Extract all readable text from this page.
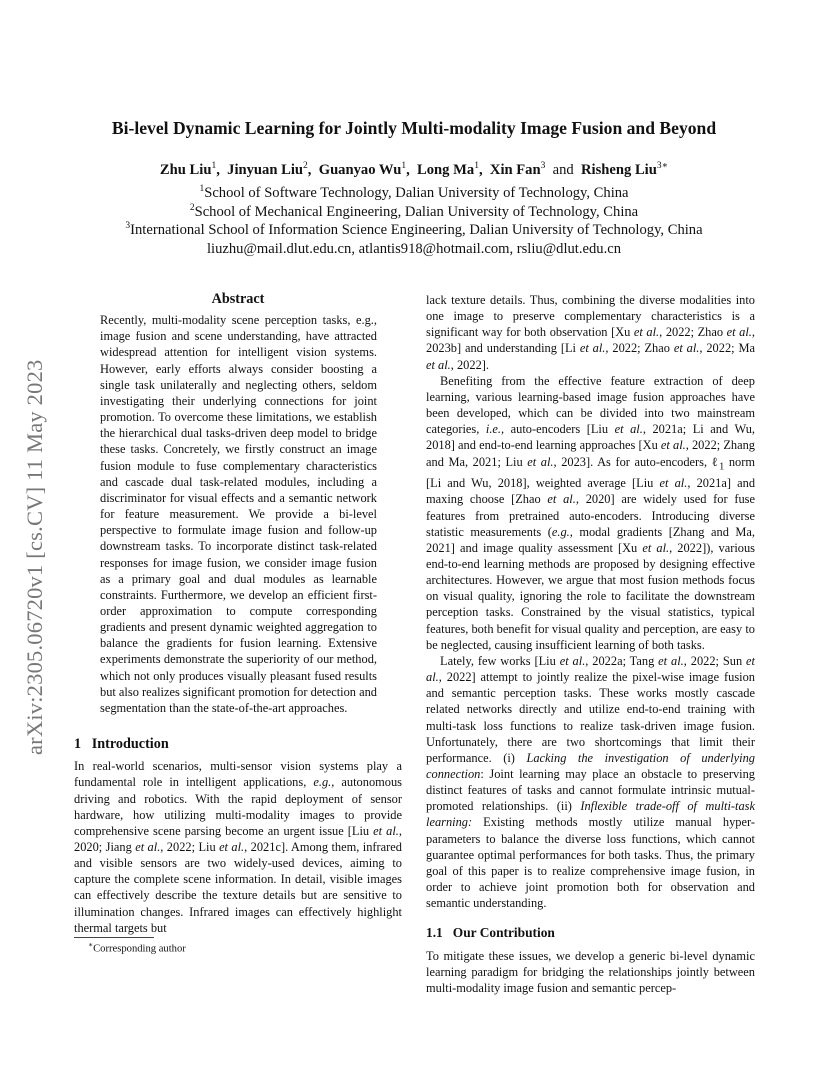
arXiv:2305.06720v1 [cs.CV] 11 May 2023
Bi-level Dynamic Learning for Jointly Multi-modality Image Fusion and Beyond
Zhu Liu$^1$, Jinyuan Liu$^2$, Guanyao Wu$^1$, Long Ma$^1$, Xin Fan$^3$ and Risheng Liu$^{3∗}$
$^1$School of Software Technology, Dalian University of Technology, China
$^2$School of Mechanical Engineering, Dalian University of Technology, China
$^3$International School of Information Science Engineering, Dalian University of Technology, China
liuzhu@mail.dlut.edu.cn, atlantis918@hotmail.com, rsliu@dlut.edu.cn
Abstract

Recently, multi-modality scene perception tasks, e.g., image fusion and scene understanding, have attracted widespread attention for intelligent vision systems. However, early efforts always consider boosting a single task unilaterally and neglecting others, seldom investigating their underlying connections for joint promotion. To overcome these limitations, we establish the hierarchical dual tasks-driven deep model to bridge these tasks. Concretely, we firstly construct an image fusion module to fuse complementary characteristics and cascade dual task-related modules, including a discriminator for visual effects and a semantic network for feature measurement. We provide a bi-level perspective to formulate image fusion and follow-up downstream tasks. To incorporate distinct task-related responses for image fusion, we consider image fusion as a primary goal and dual modules as learnable constraints. Furthermore, we develop an efficient first-order approximation to compute corresponding gradients and present dynamic weighted aggregation to balance the gradients for fusion learning. Extensive experiments demonstrate the superiority of our method, which not only produces visually pleasant fused results but also realizes significant promotion for detection and segmentation than the state-of-the-art approaches.

1 Introduction

In real-world scenarios, multi-sensor vision systems play a fundamental role in intelligent applications, e.g., autonomous driving and robotics. With the rapid deployment of sensor hardware, how utilizing multi-modality images to provide comprehensive scene parsing become an urgent issue [Liu et al., 2020; Jiang et al., 2022; Liu et al., 2021c]. Among them, infrared and visible sensors are two widely-used devices, aiming to capture the complete scene information. In detail, visible images can effectively describe the texture details but are sensitive to illumination changes. Infrared images can effectively highlight thermal targets but

∗Corresponding author

lack texture details. Thus, combining the diverse modalities into one image to preserve complementary characteristics is a significant way for both observation [Xu et al., 2022; Zhao et al., 2023b] and understanding [Li et al., 2022; Zhao et al., 2022; Ma et al., 2022].

Benefiting from the effective feature extraction of deep learning, various learning-based image fusion approaches have been developed, which can be divided into two mainstream categories, i.e., auto-encoders [Liu et al., 2021a; Li and Wu, 2018] and end-to-end learning approaches [Xu et al., 2022; Zhang and Ma, 2021; Liu et al., 2023]. As for auto-encoders, ℓ$_1$ norm [Li and Wu, 2018], weighted average [Liu et al., 2021a] and maxing choose [Zhao et al., 2020] are widely used for fuse features from pretrained auto-encoders. Introducing diverse statistic measurements (e.g., modal gradients [Zhang and Ma, 2021] and image quality assessment [Xu et al., 2022]), various end-to-end learning methods are proposed by designing effective architectures. However, we argue that most fusion methods focus on visual quality, ignoring the role to facilitate the downstream perception tasks. Constrained by the visual statistics, typical features, both benefit for visual quality and perception, are easy to be neglected, causing insufficient learning of both tasks.

Lately, few works [Liu et al., 2022a; Tang et al., 2022; Sun et al., 2022] attempt to jointly realize the pixel-wise image fusion and semantic perception tasks. These works mostly cascade related networks directly and utilize end-to-end training with multi-task loss functions to realize task-driven image fusion. Unfortunately, there are two shortcomings that limit their performance. (i) Lacking the investigation of underlying connection: Joint learning may place an obstacle to preserving distinct features of tasks and cannot formulate intrinsic mutual-promoted relationships. (ii) Inflexible trade-off of multi-task learning: Existing methods mostly utilize manual hyper-parameters to balance the diverse loss functions, which cannot guarantee optimal performances for both tasks. Thus, the primary goal of this paper is to realize comprehensive image fusion, in order to achieve joint promotion both for observation and semantic understanding.

1.1 Our Contribution

To mitigate these issues, we develop a generic bi-level dynamic learning paradigm for bridging the relationships jointly between multi-modality image fusion and semantic percep-
